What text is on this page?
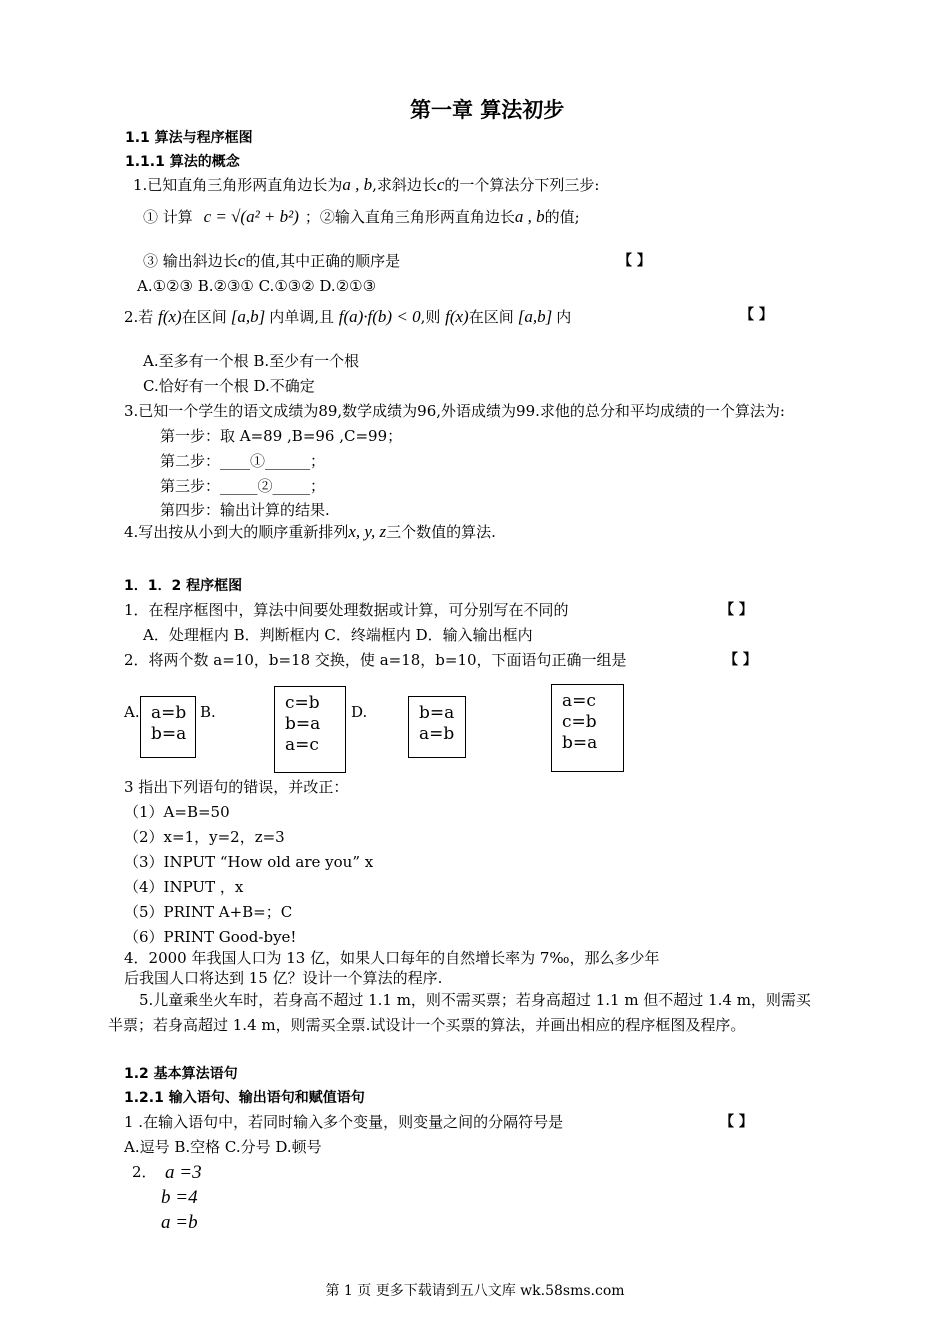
第一章 算法初步
1.1 算法与程序框图
1.1.1 算法的概念
1.已知直角三角形两直角边长为a , b,求斜边长c的一个算法分下列三步:
① 计算 c = √(a² + b²) ；②输入直角三角形两直角边长a , b的值;
③ 输出斜边长c的值,其中正确的顺序是	【 】
A.①②③ B.②③① C.①③② D.②①③
2.若 f(x)在区间 [a,b] 内单调,且 f(a)·f(b) < 0,则 f(x)在区间 [a,b] 内	【 】
A.至多有一个根 B.至少有一个根
C.恰好有一个根 D.不确定
3.已知一个学生的语文成绩为89,数学成绩为96,外语成绩为99.求他的总分和平均成绩的一个算法为:
第一步：取 A=89 ,B=96 ,C=99；
第二步：____①______；
第三步：_____②_____；
第四步：输出计算的结果.
4.写出按从小到大的顺序重新排列x, y, z三个数值的算法.
1．1．2 程序框图
1．在程序框图中，算法中间要处理数据或计算，可分别写在不同的	【 】
A．处理框内 B．判断框内 C．终端框内 D．输入输出框内
2．将两个数 a=10，b=18 交换，使 a=18，b=10，下面语句正确一组是	【 】
A.	B.	D.
a=b
b=a
c=b
b=a
a=c
b=a
a=b
a=c
c=b
b=a
3 指出下列语句的错误，并改正：
（1）A=B=50
（2）x=1，y=2，z=3
（3）INPUT “How old are you” x
（4）INPUT ，x
（5）PRINT A+B=；C
（6）PRINT Good-bye!
4．2000 年我国人口为 13 亿，如果人口每年的自然增长率为 7‰，那么多少年
后我国人口将达到 15 亿？设计一个算法的程序.
5.儿童乘坐火车时，若身高不超过 1.1 m，则不需买票；若身高超过 1.1 m 但不超过 1.4 m，则需买
半票；若身高超过 1.4 m，则需买全票.试设计一个买票的算法，并画出相应的程序框图及程序。
1.2 基本算法语句
1.2.1 输入语句、输出语句和赋值语句
1 .在输入语句中，若同时输入多个变量，则变量之间的分隔符号是	【 】
A.逗号 B.空格 C.分号 D.顿号
2． a =3
b =4
a =b
第 1 页 更多下载请到五八文库 wk.58sms.com
